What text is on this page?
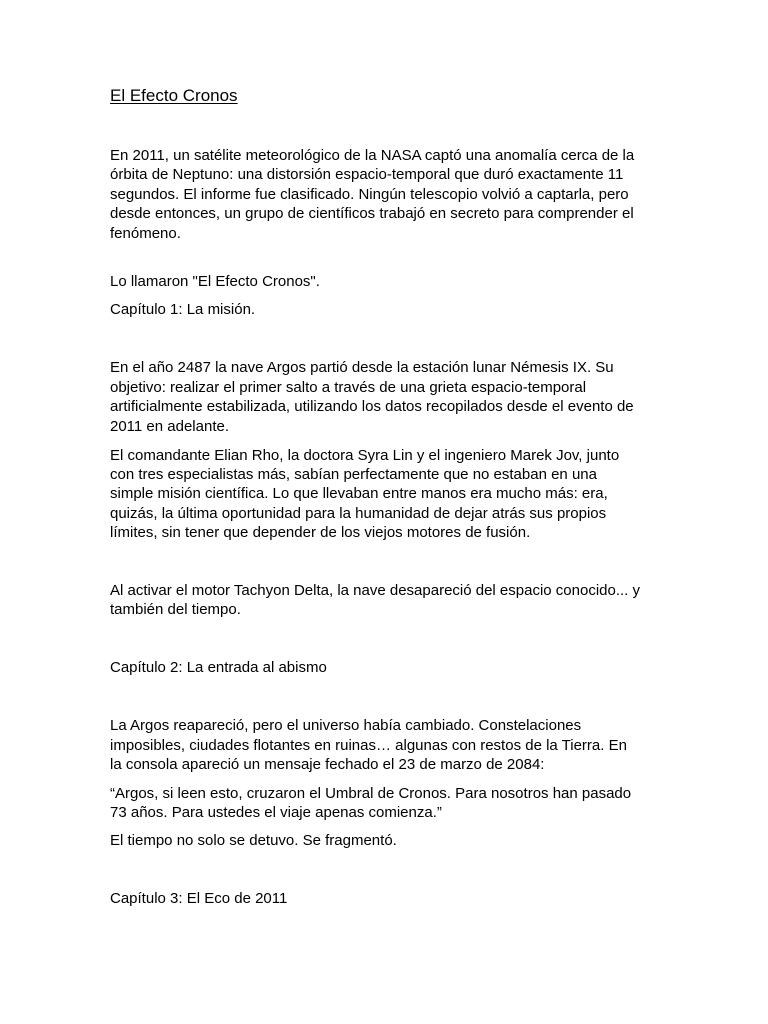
El Efecto Cronos
En 2011, un satélite meteorológico de la NASA captó una anomalía cerca de la
órbita de Neptuno: una distorsión espacio-temporal que duró exactamente 11
segundos. El informe fue clasificado. Ningún telescopio volvió a captarla, pero
desde entonces, un grupo de científicos trabajó en secreto para comprender el
fenómeno.
Lo llamaron "El Efecto Cronos".
Capítulo 1: La misión.
En el año 2487 la nave Argos partió desde la estación lunar Némesis IX. Su
objetivo: realizar el primer salto a través de una grieta espacio-temporal
artificialmente estabilizada, utilizando los datos recopilados desde el evento de
2011 en adelante.
El comandante Elian Rho, la doctora Syra Lin y el ingeniero Marek Jov, junto
con tres especialistas más, sabían perfectamente que no estaban en una
simple misión científica. Lo que llevaban entre manos era mucho más: era,
quizás, la última oportunidad para la humanidad de dejar atrás sus propios
límites, sin tener que depender de los viejos motores de fusión.
Al activar el motor Tachyon Delta, la nave desapareció del espacio conocido... y
también del tiempo.
Capítulo 2: La entrada al abismo
La Argos reapareció, pero el universo había cambiado. Constelaciones
imposibles, ciudades flotantes en ruinas… algunas con restos de la Tierra. En
la consola apareció un mensaje fechado el 23 de marzo de 2084:
“Argos, si leen esto, cruzaron el Umbral de Cronos. Para nosotros han pasado
73 años. Para ustedes el viaje apenas comienza.”
El tiempo no solo se detuvo. Se fragmentó.
Capítulo 3: El Eco de 2011
